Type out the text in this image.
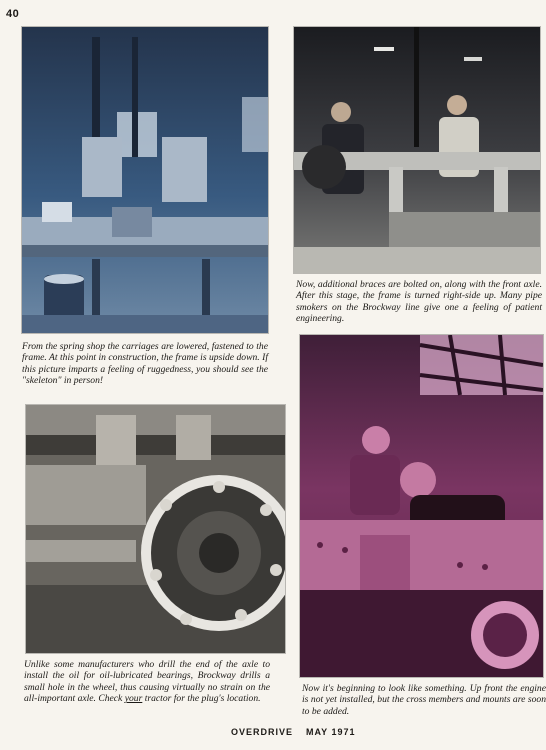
40

From the spring shop the carriages are lowered, fastened to the frame. At this point in construction, the frame is upside down. If this picture imparts a feeling of ruggedness, you should see the "skeleton" in person!

Now, additional braces are bolted on, along with the front axle. After this stage, the frame is turned right-side up. Many pipe smokers on the Brockway line give one a feeling of patient engineering.

Unlike some manufacturers who drill the end of the axle to install the oil for oil-lubricated bearings, Brockway drills a small hole in the wheel, thus causing virtually no strain on the all-important axle. Check your tractor for the plug's location.

Now it's beginning to look like something. Up front the engine is not yet installed, but the cross members and mounts are soon to be added.

OVERDRIVE MAY 1971
